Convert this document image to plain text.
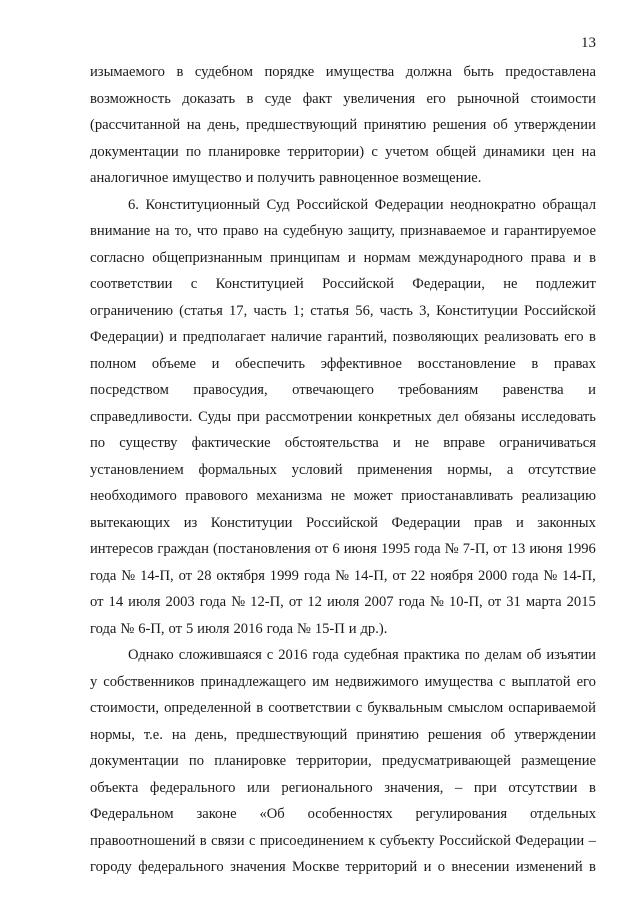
13
изымаемого в судебном порядке имущества должна быть предоставлена
возможность доказать в суде факт увеличения его рыночной стоимости
(рассчитанной на день, предшествующий принятию решения об утверждении
документации по планировке территории) с учетом общей динамики цен на
аналогичное имущество и получить равноценное возмещение.
6. Конституционный Суд Российской Федерации неоднократно обращал
внимание на то, что право на судебную защиту, признаваемое и гарантируемое
согласно общепризнанным принципам и нормам международного права и в
соответствии с Конституцией Российской Федерации, не подлежит
ограничению (статья 17, часть 1; статья 56, часть 3, Конституции Российской
Федерации) и предполагает наличие гарантий, позволяющих реализовать его в
полном объеме и обеспечить эффективное восстановление в правах
посредством правосудия, отвечающего требованиям равенства и
справедливости. Суды при рассмотрении конкретных дел обязаны исследовать
по существу фактические обстоятельства и не вправе ограничиваться
установлением формальных условий применения нормы, а отсутствие
необходимого правового механизма не может приостанавливать реализацию
вытекающих из Конституции Российской Федерации прав и законных
интересов граждан (постановления от 6 июня 1995 года № 7-П, от 13 июня 1996
года № 14-П, от 28 октября 1999 года № 14-П, от 22 ноября 2000 года № 14-П,
от 14 июля 2003 года № 12-П, от 12 июля 2007 года № 10-П, от 31 марта 2015
года № 6-П, от 5 июля 2016 года № 15-П и др.).
Однако сложившаяся с 2016 года судебная практика по делам об изъятии
у собственников принадлежащего им недвижимого имущества с выплатой его
стоимости, определенной в соответствии с буквальным смыслом оспариваемой
нормы, т.е. на день, предшествующий принятию решения об утверждении
документации по планировке территории, предусматривающей размещение
объекта федерального или регионального значения, – при отсутствии в
Федеральном законе «Об особенностях регулирования отдельных
правоотношений в связи с присоединением к субъекту Российской Федерации –
городу федерального значения Москве территорий и о внесении изменений в
